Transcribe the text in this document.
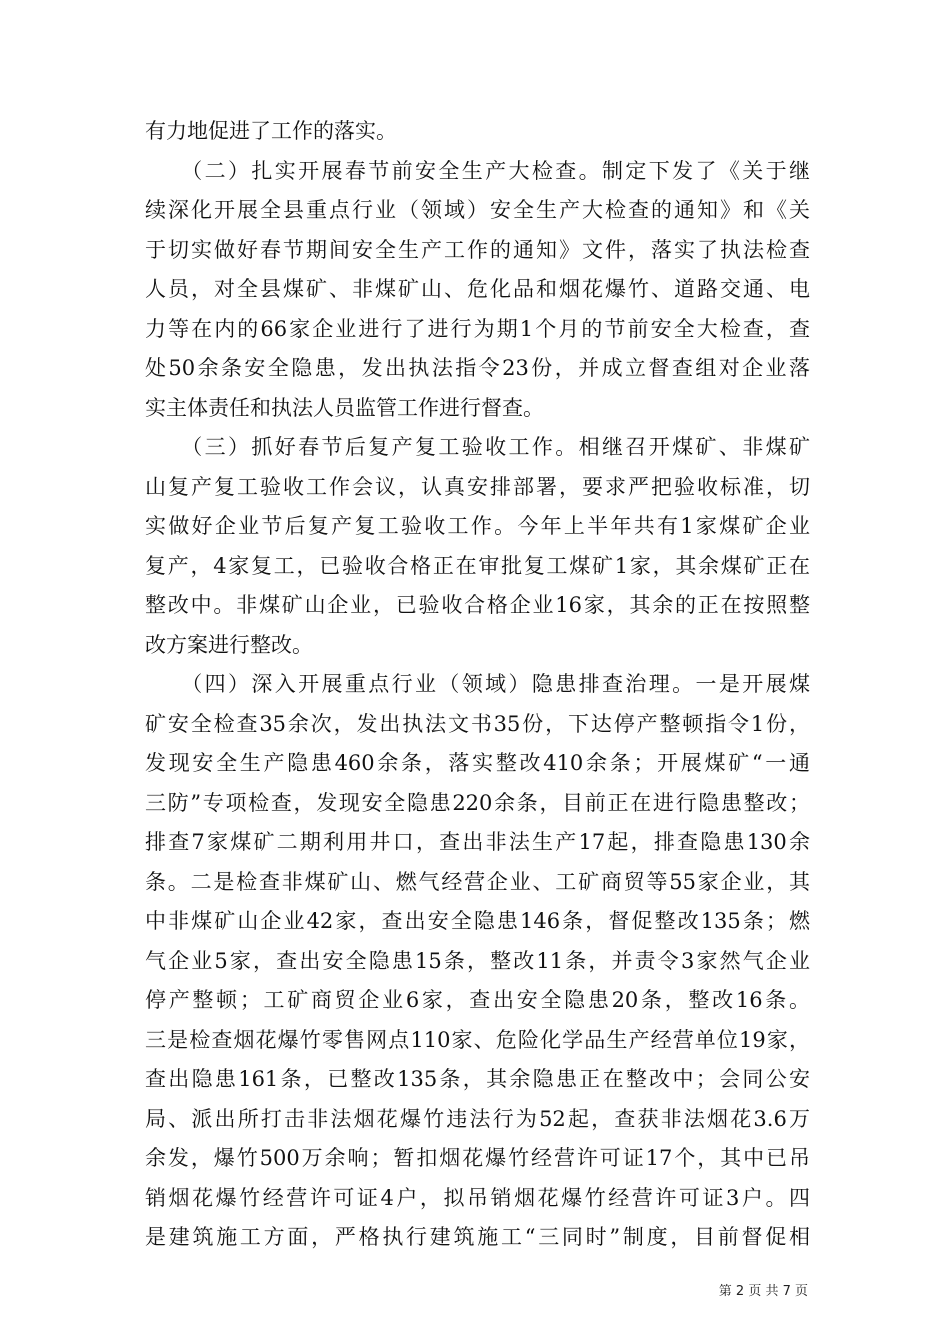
有力地促进了工作的落实。
　　（二）扎实开展春节前安全生产大检查。制定下发了《关于继
续深化开展全县重点行业（领域）安全生产大检查的通知》和《关
于切实做好春节期间安全生产工作的通知》文件，落实了执法检查
人员，对全县煤矿、非煤矿山、危化品和烟花爆竹、道路交通、电
力等在内的66家企业进行了进行为期1个月的节前安全大检查，查
处50余条安全隐患，发出执法指令23份，并成立督查组对企业落
实主体责任和执法人员监管工作进行督查。
　　（三）抓好春节后复产复工验收工作。相继召开煤矿、非煤矿
山复产复工验收工作会议，认真安排部署，要求严把验收标准，切
实做好企业节后复产复工验收工作。今年上半年共有1家煤矿企业
复产，4家复工，已验收合格正在审批复工煤矿1家，其余煤矿正在
整改中。非煤矿山企业，已验收合格企业16家，其余的正在按照整
改方案进行整改。
　　（四）深入开展重点行业（领域）隐患排查治理。一是开展煤
矿安全检查35余次，发出执法文书35份，下达停产整顿指令1份，
发现安全生产隐患460余条，落实整改410余条；开展煤矿“一通
三防”专项检查，发现安全隐患220余条，目前正在进行隐患整改；
排查7家煤矿二期利用井口，查出非法生产17起，排查隐患130余
条。二是检查非煤矿山、燃气经营企业、工矿商贸等55家企业，其
中非煤矿山企业42家，查出安全隐患146条，督促整改135条；燃
气企业5家，查出安全隐患15条，整改11条，并责令3家然气企业
停产整顿；工矿商贸企业6家，查出安全隐患20条，整改16条。
三是检查烟花爆竹零售网点110家、危险化学品生产经营单位19家，
查出隐患161条，已整改135条，其余隐患正在整改中；会同公安
局、派出所打击非法烟花爆竹违法行为52起，查获非法烟花3.6万
余发，爆竹500万余响；暂扣烟花爆竹经营许可证17个，其中已吊
销烟花爆竹经营许可证4户，拟吊销烟花爆竹经营许可证3户。四
是建筑施工方面，严格执行建筑施工“三同时”制度，目前督促相
第 2 页 共 7 页
